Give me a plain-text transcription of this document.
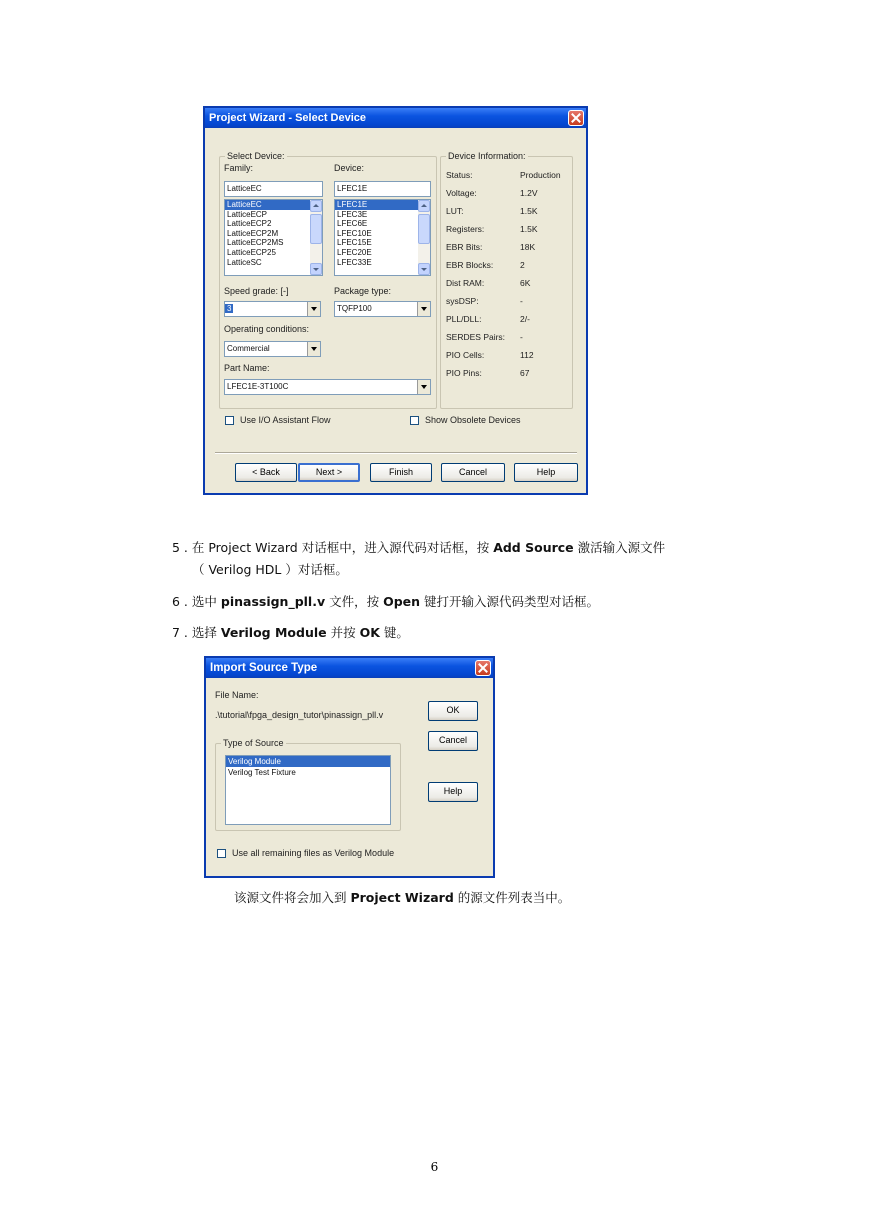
Project Wizard - Select Device
Select Device:
Family:
LatticeEC
LatticeEC
LatticeECP
LatticeECP2
LatticeECP2M
LatticeECP2MS
LatticeECP25
LatticeSC
Device:
LFEC1E
LFEC1E
LFEC3E
LFEC6E
LFEC10E
LFEC15E
LFEC20E
LFEC33E
Speed grade: [-]
3
Package type:
TQFP100
Operating conditions:
Commercial
Part Name:
LFEC1E-3T100C
Device Information:
Status:	Production
Voltage:	1.2V
LUT:	1.5K
Registers:	1.5K
EBR Bits:	18K
EBR Blocks:	2
Dist RAM:	6K
sysDSP:	-
PLL/DLL:	2/-
SERDES Pairs: -
PIO Cells:	112
PIO Pins:	67
Use I/O Assistant Flow	Show Obsolete Devices
< Back	Next >	Finish	Cancel	Help
5 . 在 Project Wizard 对话框中，进入源代码对话框，按 Add Source 激活输入源文件
（ Verilog HDL ）对话框。
6 . 选中 pinassign_pll.v 文件，按 Open 键打开输入源代码类型对话框。
7 . 选择 Verilog Module 并按 OK 键。
Import Source Type
File Name:
.\tutorial\fpga_design_tutor\pinassign_pll.v
Type of Source
Verilog Module
Verilog Test Fixture
OK
Cancel
Help
Use all remaining files as Verilog Module
该源文件将会加入到 Project Wizard 的源文件列表当中。
6
